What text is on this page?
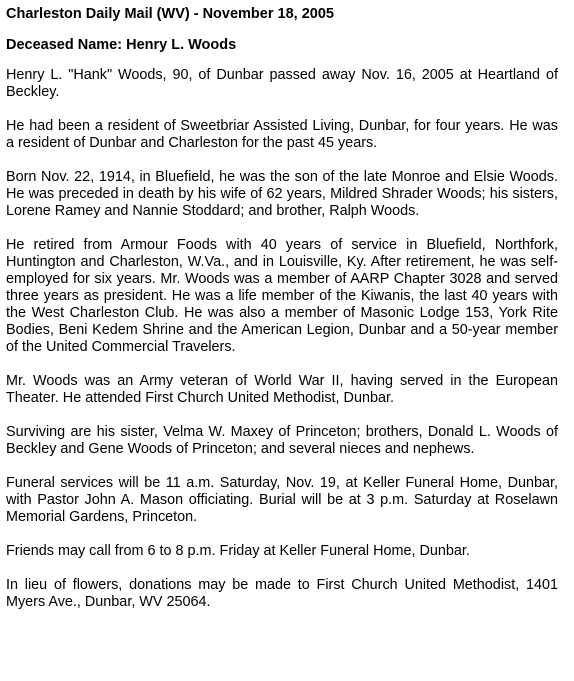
Charleston Daily Mail (WV) - November 18, 2005
Deceased Name: Henry L. Woods

Henry L. "Hank" Woods, 90, of Dunbar passed away Nov. 16, 2005 at Heartland of Beckley.

He had been a resident of Sweetbriar Assisted Living, Dunbar, for four years. He was a resident of Dunbar and Charleston for the past 45 years.

Born Nov. 22, 1914, in Bluefield, he was the son of the late Monroe and Elsie Woods. He was preceded in death by his wife of 62 years, Mildred Shrader Woods; his sisters, Lorene Ramey and Nannie Stoddard; and brother, Ralph Woods.

He retired from Armour Foods with 40 years of service in Bluefield, Northfork, Huntington and Charleston, W.Va., and in Louisville, Ky. After retirement, he was self-employed for six years. Mr. Woods was a member of AARP Chapter 3028 and served three years as president. He was a life member of the Kiwanis, the last 40 years with the West Charleston Club. He was also a member of Masonic Lodge 153, York Rite Bodies, Beni Kedem Shrine and the American Legion, Dunbar and a 50-year member of the United Commercial Travelers.

Mr. Woods was an Army veteran of World War II, having served in the European Theater. He attended First Church United Methodist, Dunbar.

Surviving are his sister, Velma W. Maxey of Princeton; brothers, Donald L. Woods of Beckley and Gene Woods of Princeton; and several nieces and nephews.

Funeral services will be 11 a.m. Saturday, Nov. 19, at Keller Funeral Home, Dunbar, with Pastor John A. Mason officiating. Burial will be at 3 p.m. Saturday at Roselawn Memorial Gardens, Princeton.

Friends may call from 6 to 8 p.m. Friday at Keller Funeral Home, Dunbar.

In lieu of flowers, donations may be made to First Church United Methodist, 1401 Myers Ave., Dunbar, WV 25064.
